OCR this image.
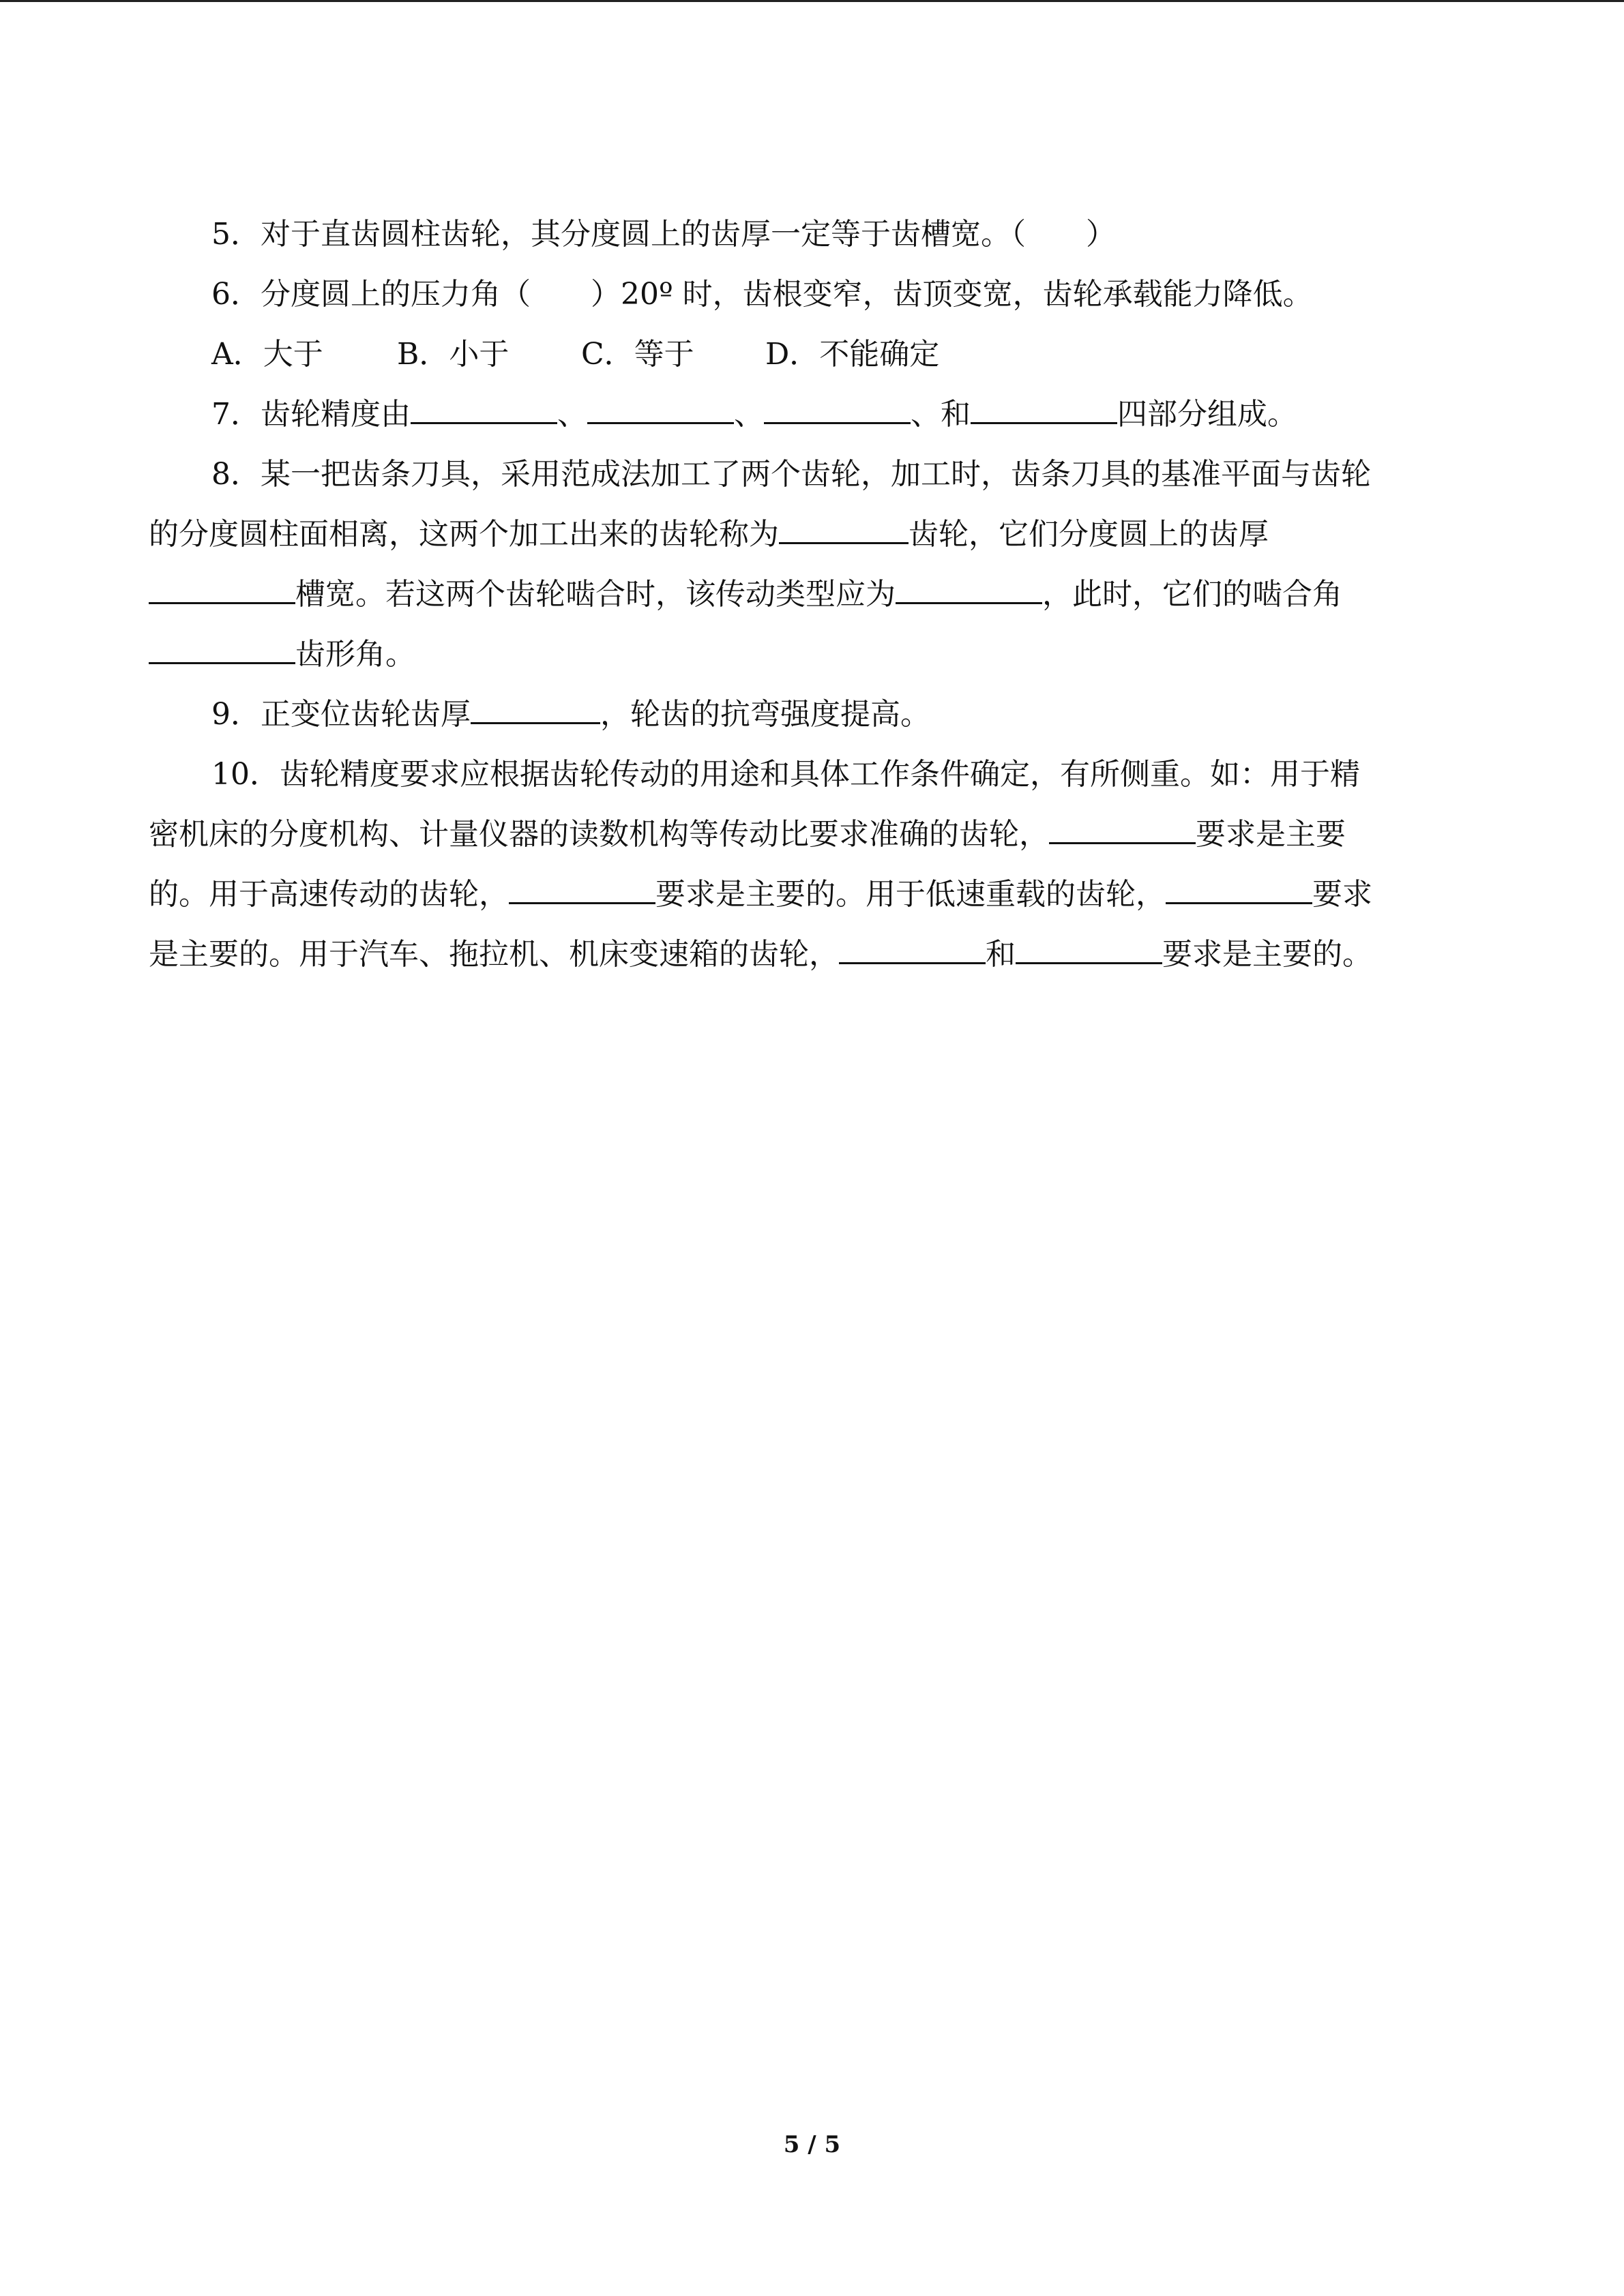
5．对于直齿圆柱齿轮，其分度圆上的齿厚一定等于齿槽宽。（ ）
6．分度圆上的压力角（ ）20º 时，齿根变窄，齿顶变宽，齿轮承载能力降低。
A．大于 B．小于 C．等于 D．不能确定
7．齿轮精度由	、	、	、和	四部分组成。
8．某一把齿条刀具，采用范成法加工了两个齿轮，加工时，齿条刀具的基准平面与齿轮
的分度圆柱面相离，这两个加工出来的齿轮称为	齿轮，它们分度圆上的齿厚
槽宽。若这两个齿轮啮合时，该传动类型应为	，此时，它们的啮合角
齿形角。
9．正变位齿轮齿厚	，轮齿的抗弯强度提高。
10．齿轮精度要求应根据齿轮传动的用途和具体工作条件确定，有所侧重。如：用于精
密机床的分度机构、计量仪器的读数机构等传动比要求准确的齿轮，	要求是主要
的。用于高速传动的齿轮，	要求是主要的。用于低速重载的齿轮，	要求
是主要的。用于汽车、拖拉机、机床变速箱的齿轮，	和	要求是主要的。
5 / 5
